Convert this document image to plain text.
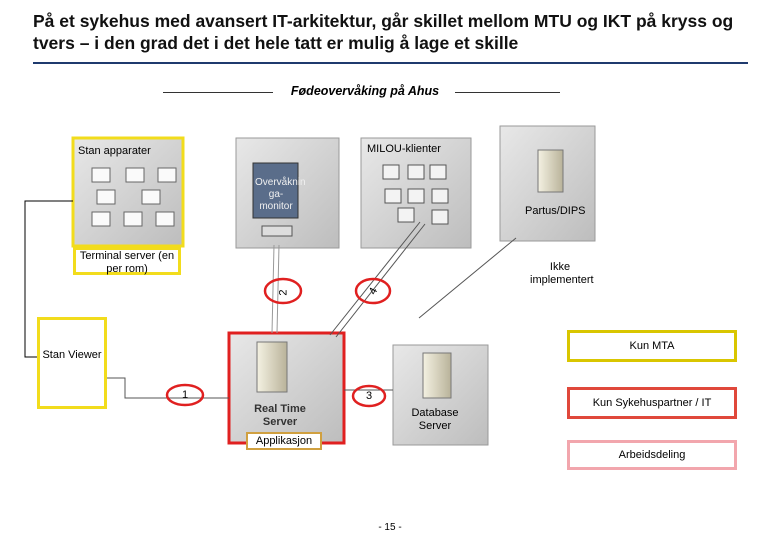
På et sykehus med avansert IT-arkitektur, går skillet mellom MTU og IKT på kryss og tvers – i den grad det i det hele tatt er mulig å lage et skille
Fødeovervåking på Ahus
Stan apparater
Terminal server (en per rom)
Overvåknin ga-monitor
MILOU-klienter
Partus/DIPS
Ikke implementert
Stan Viewer
Real Time Server
Database Server
Applikasjon
1
2
3
4
Kun MTA
Kun Sykehuspartner / IT
Arbeidsdeling
- 15 -
